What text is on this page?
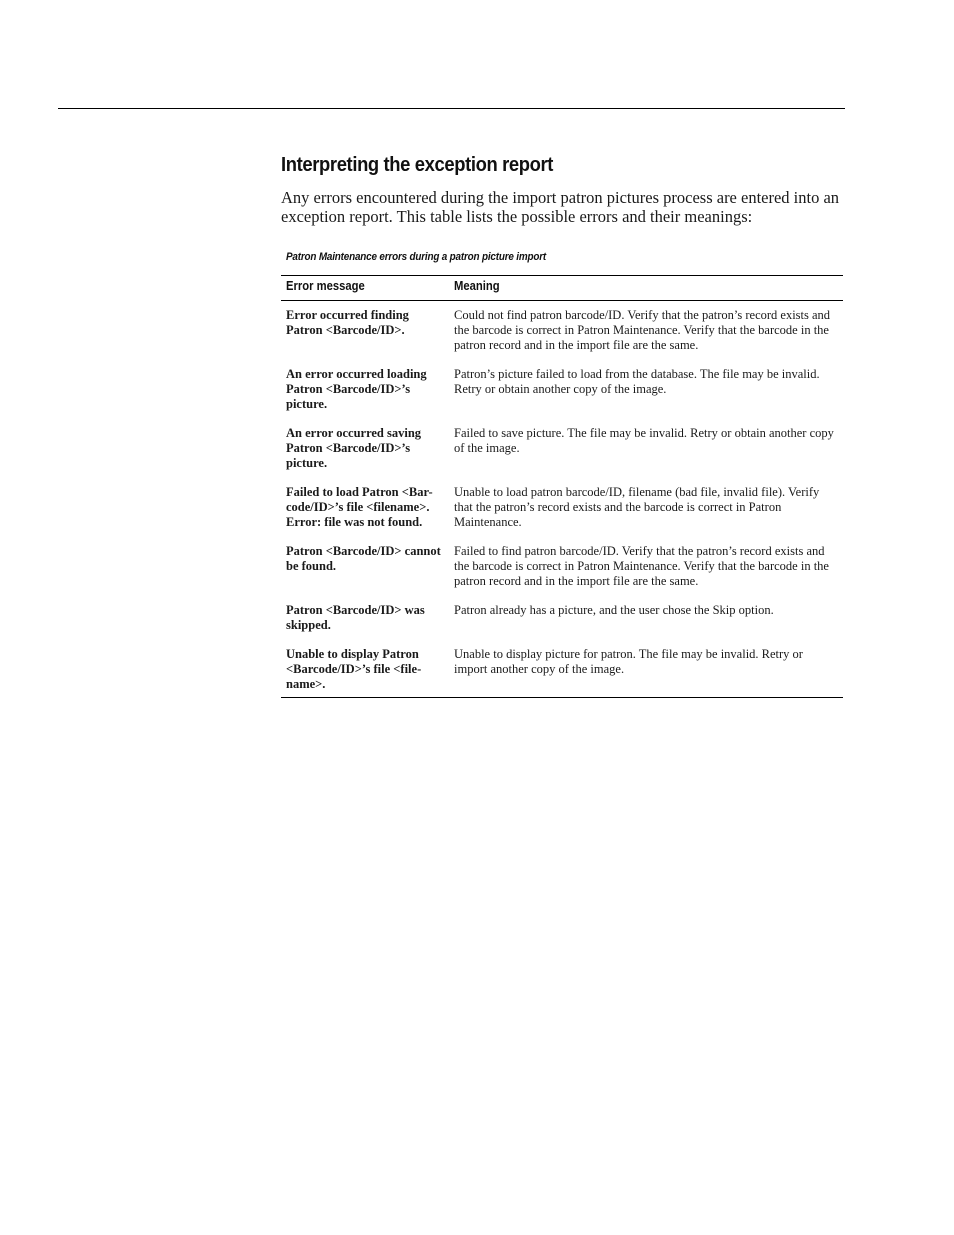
Interpreting the exception report

Any errors encountered during the import patron pictures process are entered into an exception report. This table lists the possible errors and their meanings:

Patron Maintenance errors during a patron picture import
Error message	Meaning
Error occurred finding Patron <Barcode/ID>.	Could not find patron barcode/ID. Verify that the patron’s record exists and the barcode is correct in Patron Maintenance. Verify that the barcode in the patron record and in the import file are the same.
An error occurred loading Patron <Barcode/ID>’s picture.	Patron’s picture failed to load from the database. The file may be invalid. Retry or obtain another copy of the image.
An error occurred saving Patron <Barcode/ID>’s picture.	Failed to save picture. The file may be invalid. Retry or obtain another copy of the image.
Failed to load Patron <Bar- code/ID>’s file <filename>. Error: file was not found.	Unable to load patron barcode/ID, filename (bad file, invalid file). Verify that the patron’s record exists and the barcode is correct in Patron Maintenance.
Patron <Barcode/ID> cannot be found.	Failed to find patron barcode/ID. Verify that the patron’s record exists and the barcode is correct in Patron Maintenance. Verify that the barcode in the patron record and in the import file are the same.
Patron <Barcode/ID> was skipped.	Patron already has a picture, and the user chose the Skip option.
Unable to display Patron <Barcode/ID>’s file <file- name>.	Unable to display picture for patron. The file may be invalid. Retry or import another copy of the image.
